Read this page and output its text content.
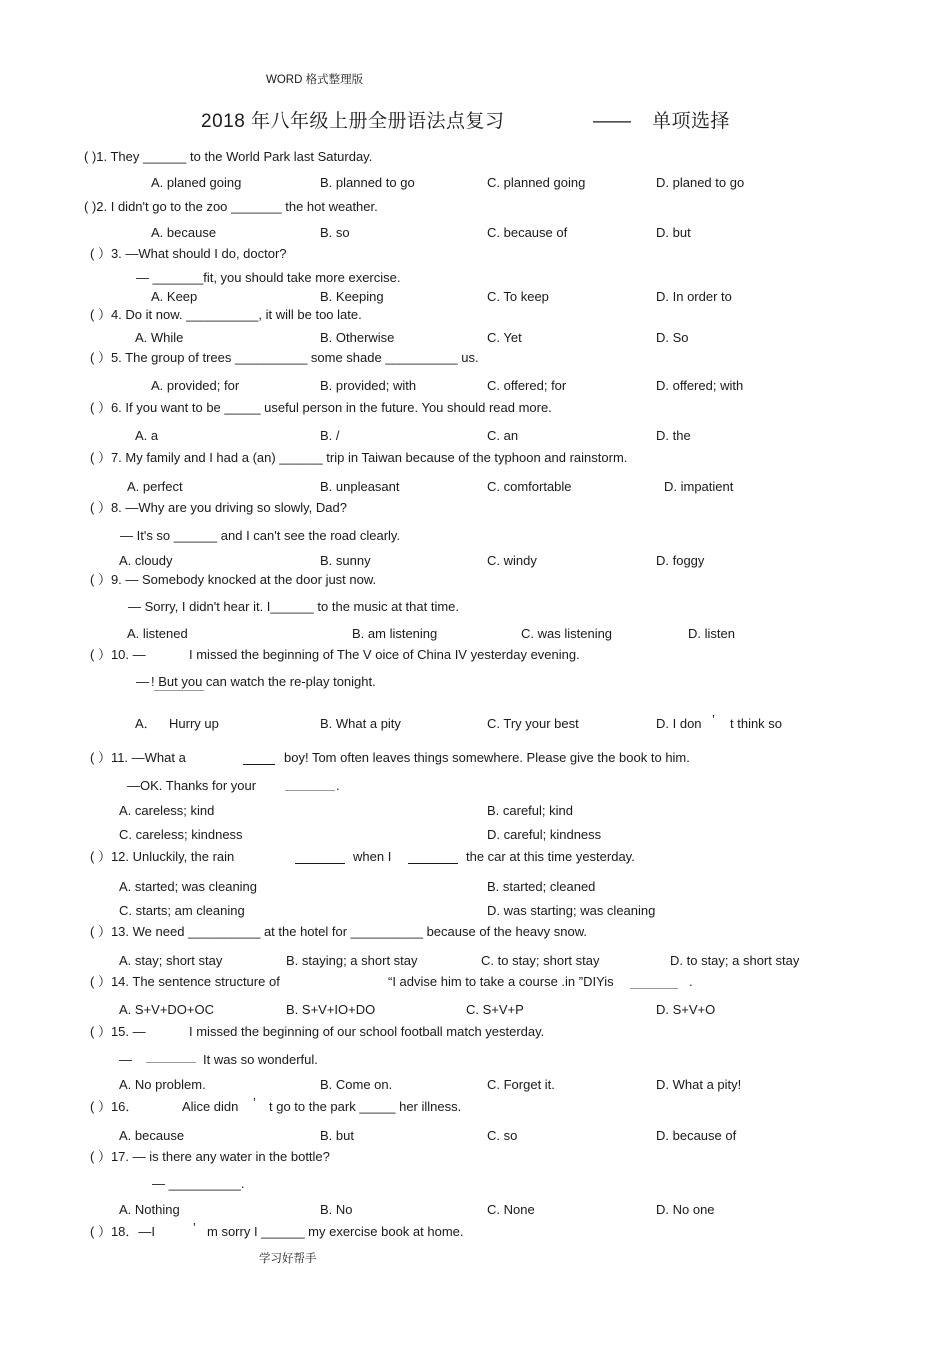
WORD 格式整理版
2018 年八年级上册全册语法点复习	—— 单项选择
( )1. They ______ to the World Park last Saturday.
A. planed going	B. planned to go	C. planned going	D. planed to go
( )2. I didn't go to the zoo _______ the hot weather.
A. because	B. so	C. because of	D. but
( ）3. —What should I do, doctor?
— _______fit, you should take more exercise.
A. Keep	B. Keeping	C. To keep	D. In order to
( ）4. Do it now. __________, it will be too late.
A. While	B. Otherwise	C. Yet	D. So
( ）5. The group of trees __________ some shade __________ us.
A. provided; for	B. provided; with	C. offered; for	D. offered; with
( ）6. If you want to be _____ useful person in the future. You should read more.
A. a	B. /	C. an	D. the
( ）7. My family and I had a (an) ______ trip in Taiwan because of the typhoon and rainstorm.
A. perfect	B. unpleasant	C. comfortable	D. impatient
( ）8. —Why are you driving so slowly, Dad?
— It's so ______ and I can't see the road clearly.
A. cloudy	B. sunny	C. windy	D. foggy
( ）9. — Somebody knocked at the door just now.
— Sorry, I didn't hear it. I______ to the music at that time.
A. listened	B. am listening	C. was listening	D. listen
( ）10. —	I missed the beginning of The V oice of China IV yesterday evening.
— ! But you can watch the re-play tonight.
A． Hurry up	B. What a pity	C. Try your best	D. I don ’ t think so
( ）11. —What a	boy! Tom often leaves things somewhere. Please give the book to him.
—OK. Thanks for your	.
A. careless; kind	B. careful; kind
C. careless; kindness	D. careful; kindness
( ）12. Unluckily, the rain	when I	the car at this time yesterday.
A. started; was cleaning	B. started; cleaned
C. starts; am cleaning	D. was starting; was cleaning
( ）13. We need __________ at the hotel for __________ because of the heavy snow.
A. stay; short stay	B. staying; a short stay	C. to stay; short stay	D. to stay; a short stay
( ）14. The sentence structure of	“I advise him to take a course .in ”DIYis	.
A. S+V+DO+OC	B. S+V+IO+DO	C. S+V+P	D. S+V+O
( ）15. —	I missed the beginning of our school football match yesterday.
—	It was so wonderful.
A. No problem.	B. Come on.	C. Forget it.	D. What a pity!
( ）16．	Alice didn ’ t go to the park _____ her illness.
A. because	B. but	C. so	D. because of
( ）17. — is there any water in the bottle?
— __________.
A. Nothing	B. No	C. None	D. No one
( ）18．—I	’ m sorry I ______ my exercise book at home.
学习好帮手
